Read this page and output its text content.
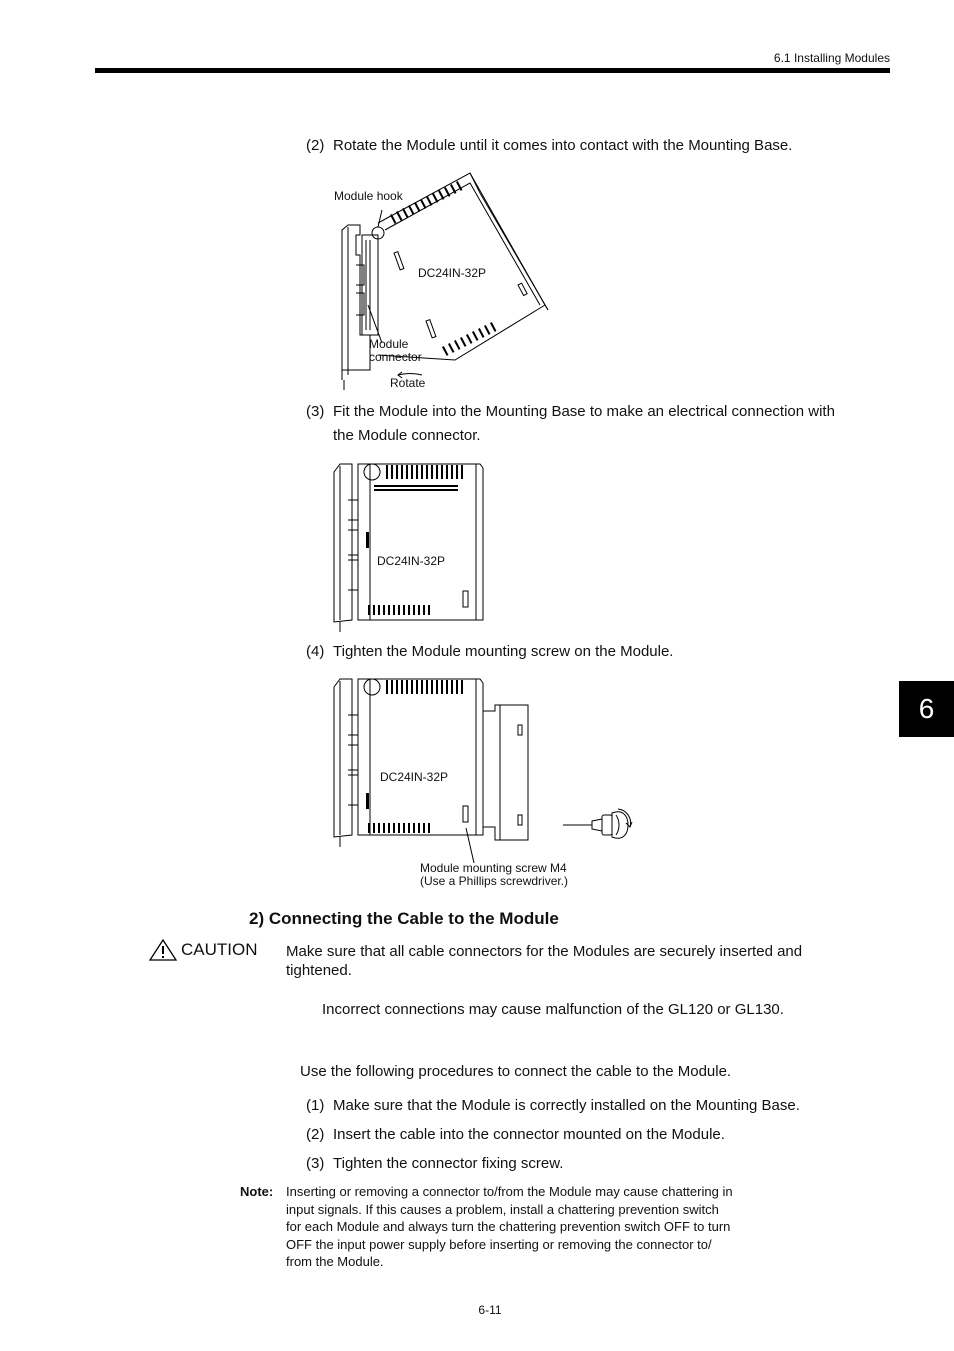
6.1 Installing Modules
6
(2) Rotate the Module until it comes into contact with the Mounting Base.
Module hook
DC24IN-32P
Module
connector
Rotate
(3) Fit the Module into the Mounting Base to make an electrical connection with
the Module connector.
DC24IN-32P
(4) Tighten the Module mounting screw on the Module.
DC24IN-32P
Module mounting screw M4
(Use a Phillips screwdriver.)
2) Connecting the Cable to the Module
CAUTION Make sure that all cable connectors for the Modules are securely inserted and
tightened.
Incorrect connections may cause malfunction of the GL120 or GL130.
Use the following procedures to connect the cable to the Module.
(1) Make sure that the Module is correctly installed on the Mounting Base.
(2) Insert the cable into the connector mounted on the Module.
(3) Tighten the connector fixing screw.
Note: Inserting or removing a connector to/from the Module may cause chattering in
input signals. If this causes a problem, install a chattering prevention switch
for each Module and always turn the chattering prevention switch OFF to turn
OFF the input power supply before inserting or removing the connector to/
from the Module.
6-11
